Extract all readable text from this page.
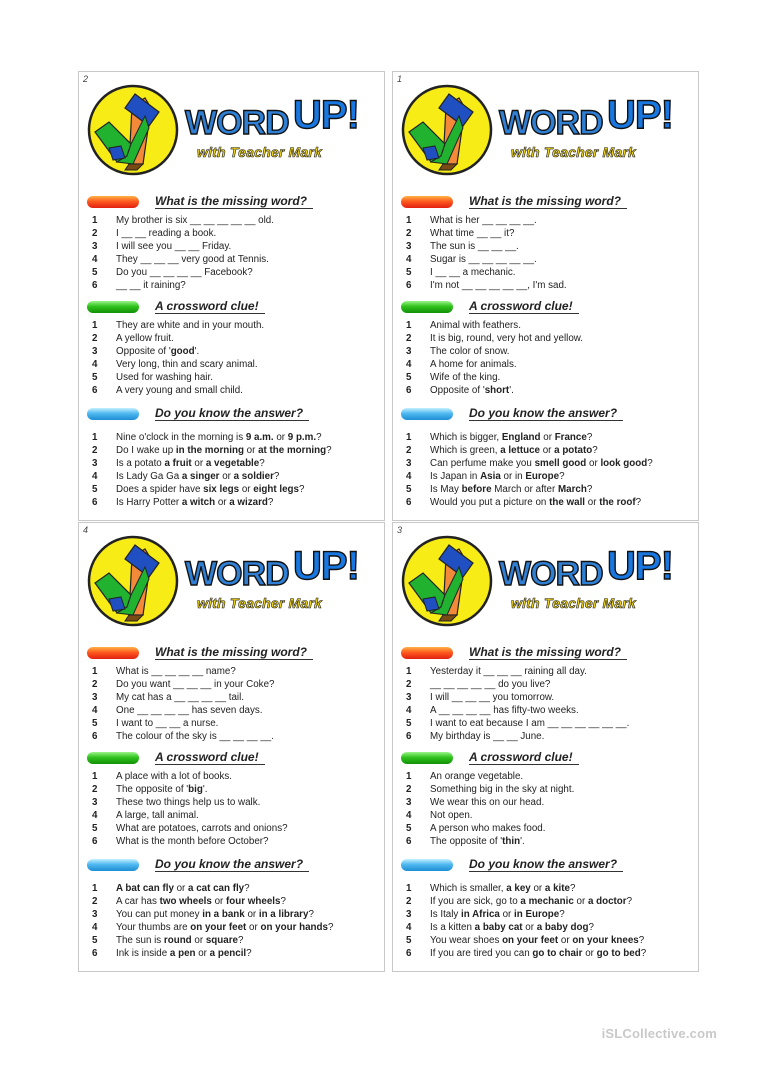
2
WORD UP!
with Teacher Mark
What is the missing word?
1	My brother is six __ __ __ __ __ old.
2	I __ __ reading a book.
3	I will see you __ __ Friday.
4	They __ __ __ very good at Tennis.
5	Do you __ __ __ __ Facebook?
6	__ __ it raining?
A crossword clue!
1	They are white and in your mouth.
2	A yellow fruit.
3	Opposite of 'good'.
4	Very long, thin and scary animal.
5	Used for washing hair.
6	A very young and small child.
Do you know the answer?
1	Nine o'clock in the morning is 9 a.m. or 9 p.m.?
2	Do I wake up in the morning or at the morning?
3	Is a potato a fruit or a vegetable?
4	Is Lady Ga Ga a singer or a soldier?
5	Does a spider have six legs or eight legs?
6	Is Harry Potter a witch or a wizard?
1
WORD UP!
with Teacher Mark
What is the missing word?
1	What is her __ __ __ __.
2	What time __ __ it?
3	The sun is __ __ __.
4	Sugar is __ __ __ __ __.
5	I __ __ a mechanic.
6	I'm not __ __ __ __ __, I'm sad.
A crossword clue!
1	Animal with feathers.
2	It is big, round, very hot and yellow.
3	The color of snow.
4	A home for animals.
5	Wife of the king.
6	Opposite of 'short'.
Do you know the answer?
1	Which is bigger, England or France?
2	Which is green, a lettuce or a potato?
3	Can perfume make you smell good or look good?
4	Is Japan in Asia or in Europe?
5	Is May before March or after March?
6	Would you put a picture on the wall or the roof?
4
WORD UP!
with Teacher Mark
What is the missing word?
1	What is __ __ __ __ name?
2	Do you want __ __ __ in your Coke?
3	My cat has a __ __ __ __ tail.
4	One __ __ __ __ has seven days.
5	I want to __ __ a nurse.
6	The colour of the sky is __ __ __ __.
A crossword clue!
1	A place with a lot of books.
2	The opposite of 'big'.
3	These two things help us to walk.
4	A large, tall animal.
5	What are potatoes, carrots and onions?
6	What is the month before October?
Do you know the answer?
1	A bat can fly or a cat can fly?
2	A car has two wheels or four wheels?
3	You can put money in a bank or in a library?
4	Your thumbs are on your feet or on your hands?
5	The sun is round or square?
6	Ink is inside a pen or a pencil?
3
WORD UP!
with Teacher Mark
What is the missing word?
1	Yesterday it __ __ __ raining all day.
2	__ __ __ __ __ do you live?
3	I will __ __ __ you tomorrow.
4	A __ __ __ __ has fifty-two weeks.
5	I want to eat because I am __ __ __ __ __ __.
6	My birthday is __ __ June.
A crossword clue!
1	An orange vegetable.
2	Something big in the sky at night.
3	We wear this on our head.
4	Not open.
5	A person who makes food.
6	The opposite of 'thin'.
Do you know the answer?
1	Which is smaller, a key or a kite?
2	If you are sick, go to a mechanic or a doctor?
3	Is Italy in Africa or in Europe?
4	Is a kitten a baby cat or a baby dog?
5	You wear shoes on your feet or on your knees?
6	If you are tired you can go to chair or go to bed?
iSLCollective.com
